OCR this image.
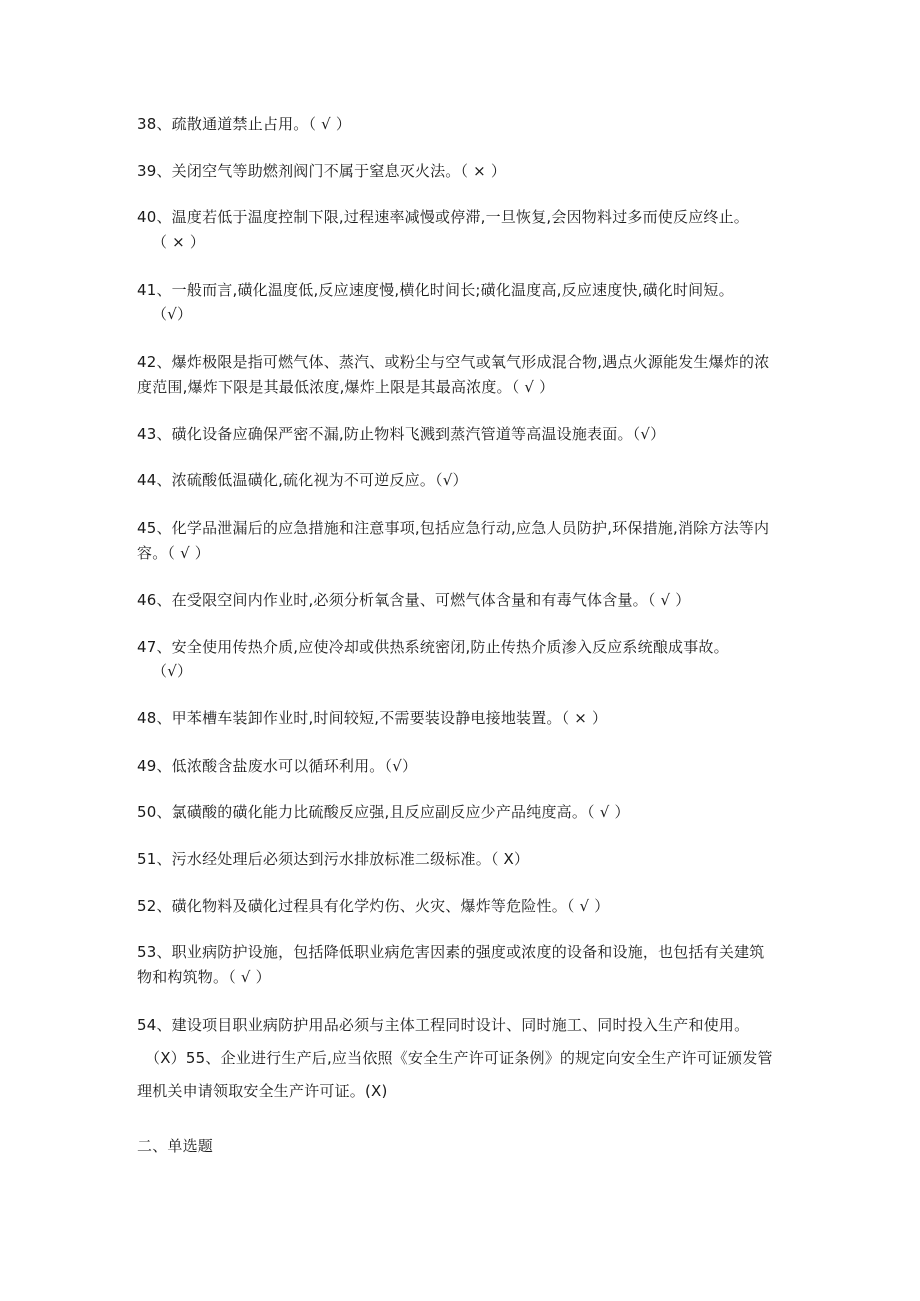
38、疏散通道禁止占用。（ √ ）
39、关闭空气等助燃剂阀门不属于窒息灭火法。（ × ）
40、温度若低于温度控制下限,过程速率减慢或停滞,一旦恢复,会因物料过多而使反应终止。
（ × ）
41、一般而言,磺化温度低,反应速度慢,横化时间长;磺化温度高,反应速度快,磺化时间短。
（√）
42、爆炸极限是指可燃气体、蒸汽、或粉尘与空气或氧气形成混合物,遇点火源能发生爆炸的浓
度范围,爆炸下限是其最低浓度,爆炸上限是其最高浓度。（ √ ）
43、磺化设备应确保严密不漏,防止物料飞溅到蒸汽管道等高温设施表面。（√）
44、浓硫酸低温磺化,硫化视为不可逆反应。（√）
45、化学品泄漏后的应急措施和注意事项,包括应急行动,应急人员防护,环保措施,消除方法等内
容。（ √ ）
46、在受限空间内作业时,必须分析氧含量、可燃气体含量和有毒气体含量。（ √ ）
47、安全使用传热介质,应使冷却或供热系统密闭,防止传热介质渗入反应系统酿成事故。
（√）
48、甲苯槽车装卸作业时,时间较短,不需要装设静电接地装置。（ × ）
49、低浓酸含盐废水可以循环利用。（√）
50、氯磺酸的磺化能力比硫酸反应强,且反应副反应少产品纯度高。（ √ ）
51、污水经处理后必须达到污水排放标准二级标准。（ X）
52、磺化物料及磺化过程具有化学灼伤、火灾、爆炸等危险性。（ √ ）
53、职业病防护设施，包括降低职业病危害因素的强度或浓度的设备和设施，也包括有关建筑
物和构筑物。（ √ ）
54、建设项目职业病防护用品必须与主体工程同时设计、同时施工、同时投入生产和使用。
（X）55、企业进行生产后,应当依照《安全生产许可证条例》的规定向安全生产许可证颁发管
理机关申请领取安全生产许可证。(X)
二、单选题
